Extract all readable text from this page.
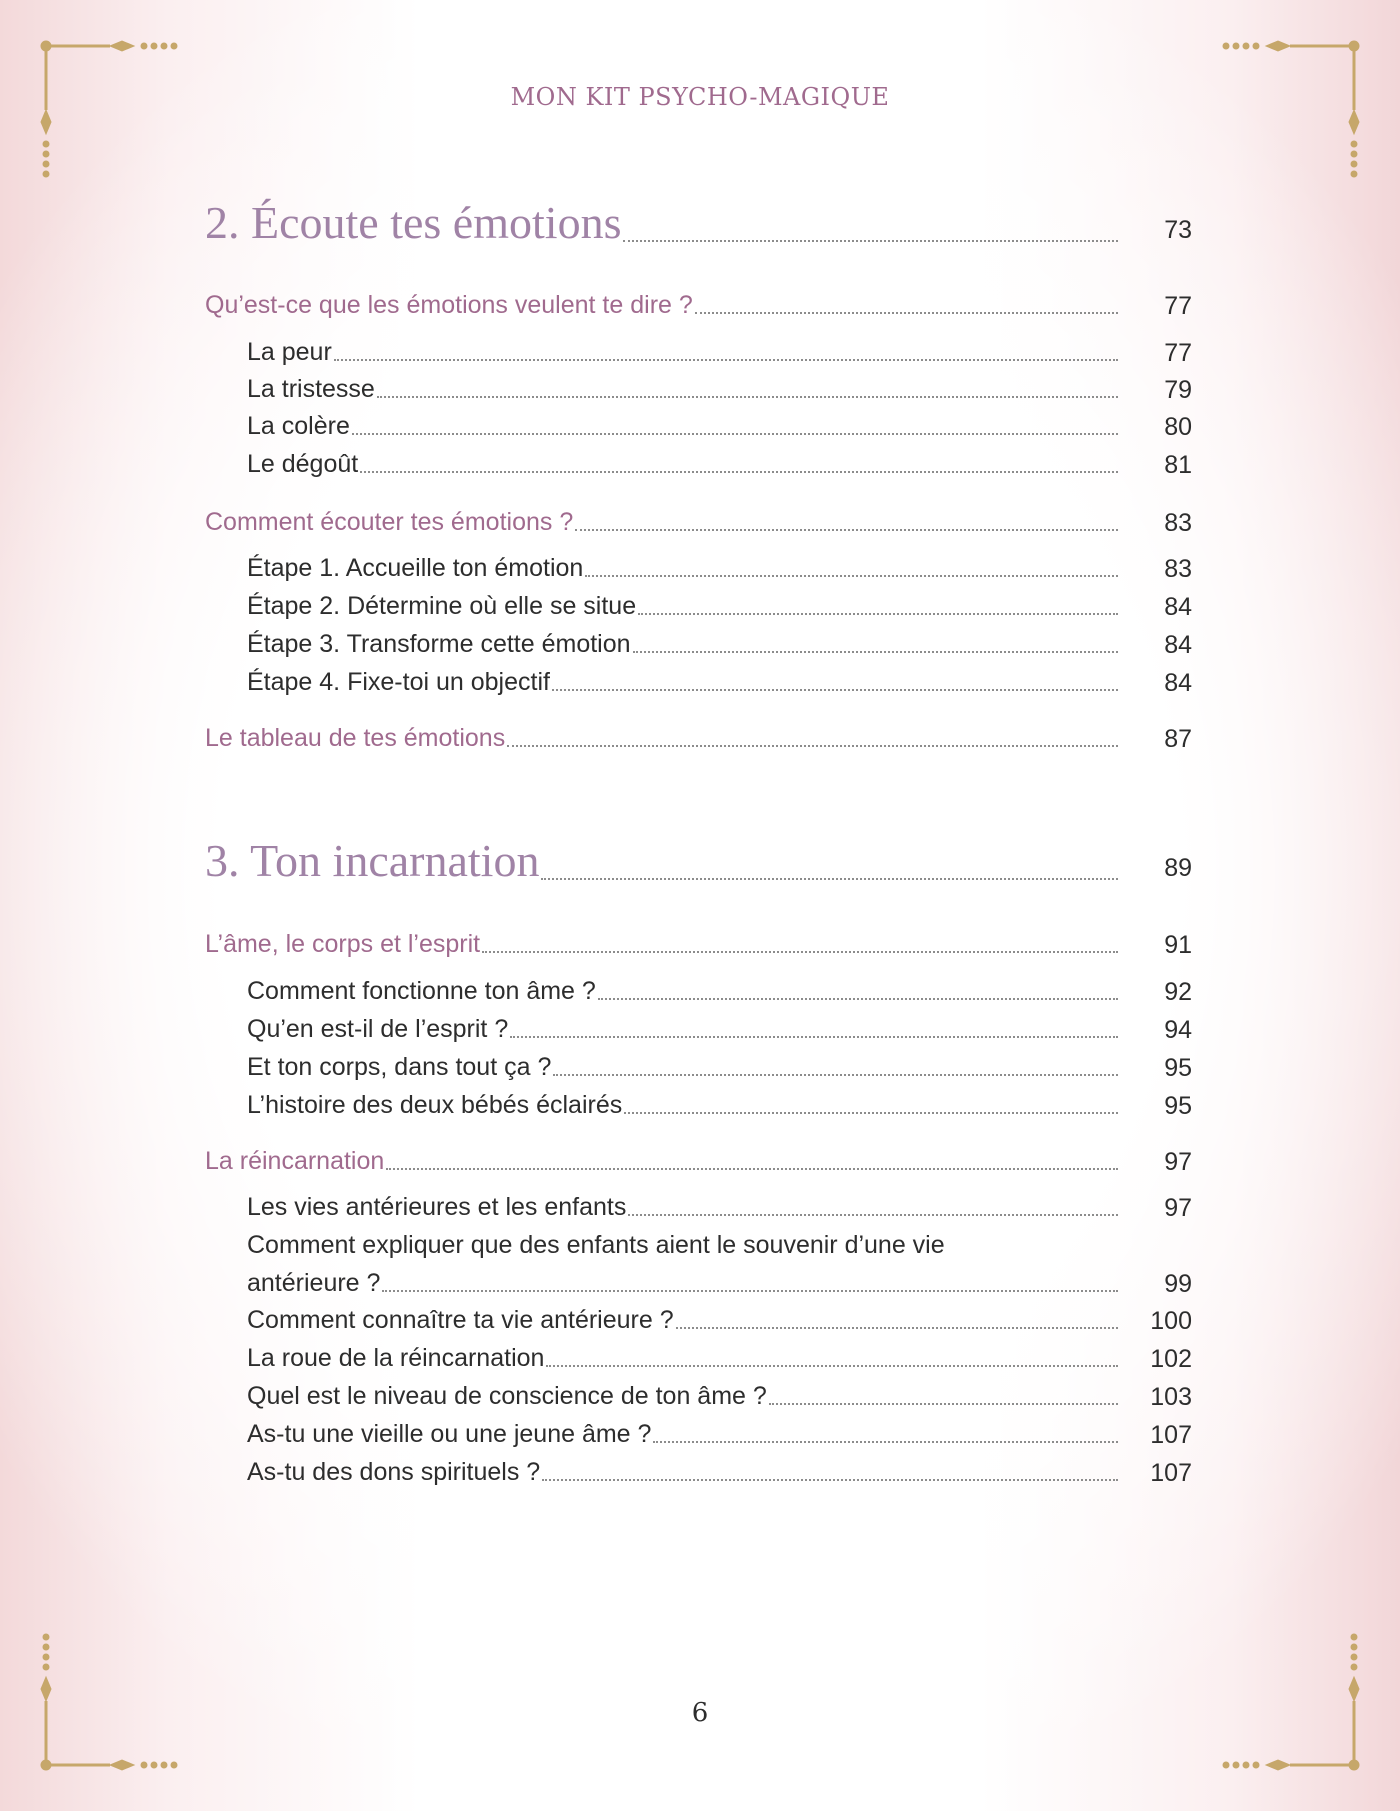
MON KIT PSYCHO-MAGIQUE
2. Écoute tes émotions	73
Qu’est-ce que les émotions veulent te dire ?	77
La peur	77
La tristesse	79
La colère	80
Le dégoût	81
Comment écouter tes émotions ?	83
Étape 1. Accueille ton émotion	83
Étape 2. Détermine où elle se situe	84
Étape 3. Transforme cette émotion	84
Étape 4. Fixe-toi un objectif	84
Le tableau de tes émotions	87
3. Ton incarnation	89
L’âme, le corps et l’esprit	91
Comment fonctionne ton âme ?	92
Qu’en est-il de l’esprit ?	94
Et ton corps, dans tout ça ?	95
L’histoire des deux bébés éclairés	95
La réincarnation	97
Les vies antérieures et les enfants	97
Comment expliquer que des enfants aient le souvenir d’une vie
antérieure ?	99
Comment connaître ta vie antérieure ?	100
La roue de la réincarnation	102
Quel est le niveau de conscience de ton âme ?	103
As-tu une vieille ou une jeune âme ?	107
As-tu des dons spirituels ?	107
6
